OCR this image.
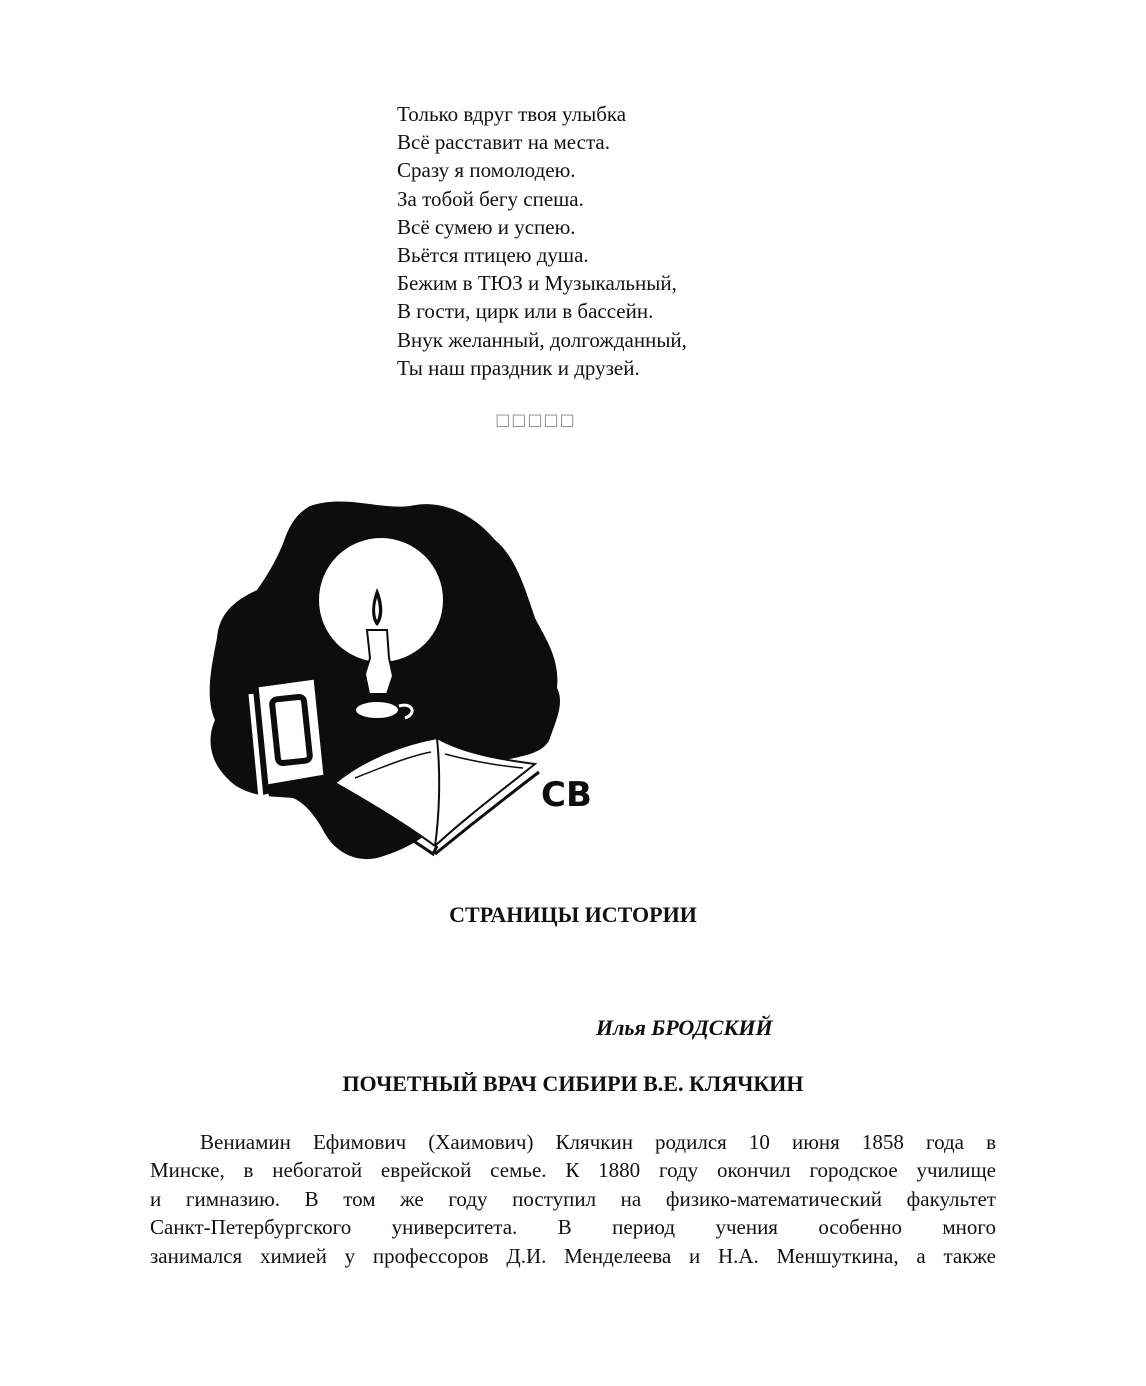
Только вдруг твоя улыбка
Всё расставит на места.
Сразу я помолодею.
За тобой бегу спеша.
Всё сумею и успею.
Вьётся птицею душа.
Бежим в ТЮЗ и Музыкальный,
В гости, цирк или в бассейн.
Внук желанный, долгожданный,
Ты наш праздник и друзей.
□□□□□
СВ
СТРАНИЦЫ ИСТОРИИ
Илья БРОДСКИЙ
ПОЧЕТНЫЙ ВРАЧ СИБИРИ В.Е. КЛЯЧКИН
Вениамин Ефимович (Хаимович) Клячкин родился 10 июня 1858 года в
Минске, в небогатой еврейской семье. К 1880 году окончил городское училище
и гимназию. В том же году поступил на физико-математический факультет
Санкт-Петербургского университета. В период учения особенно много
занимался химией у профессоров Д.И. Менделеева и Н.А. Меншуткина, а также
